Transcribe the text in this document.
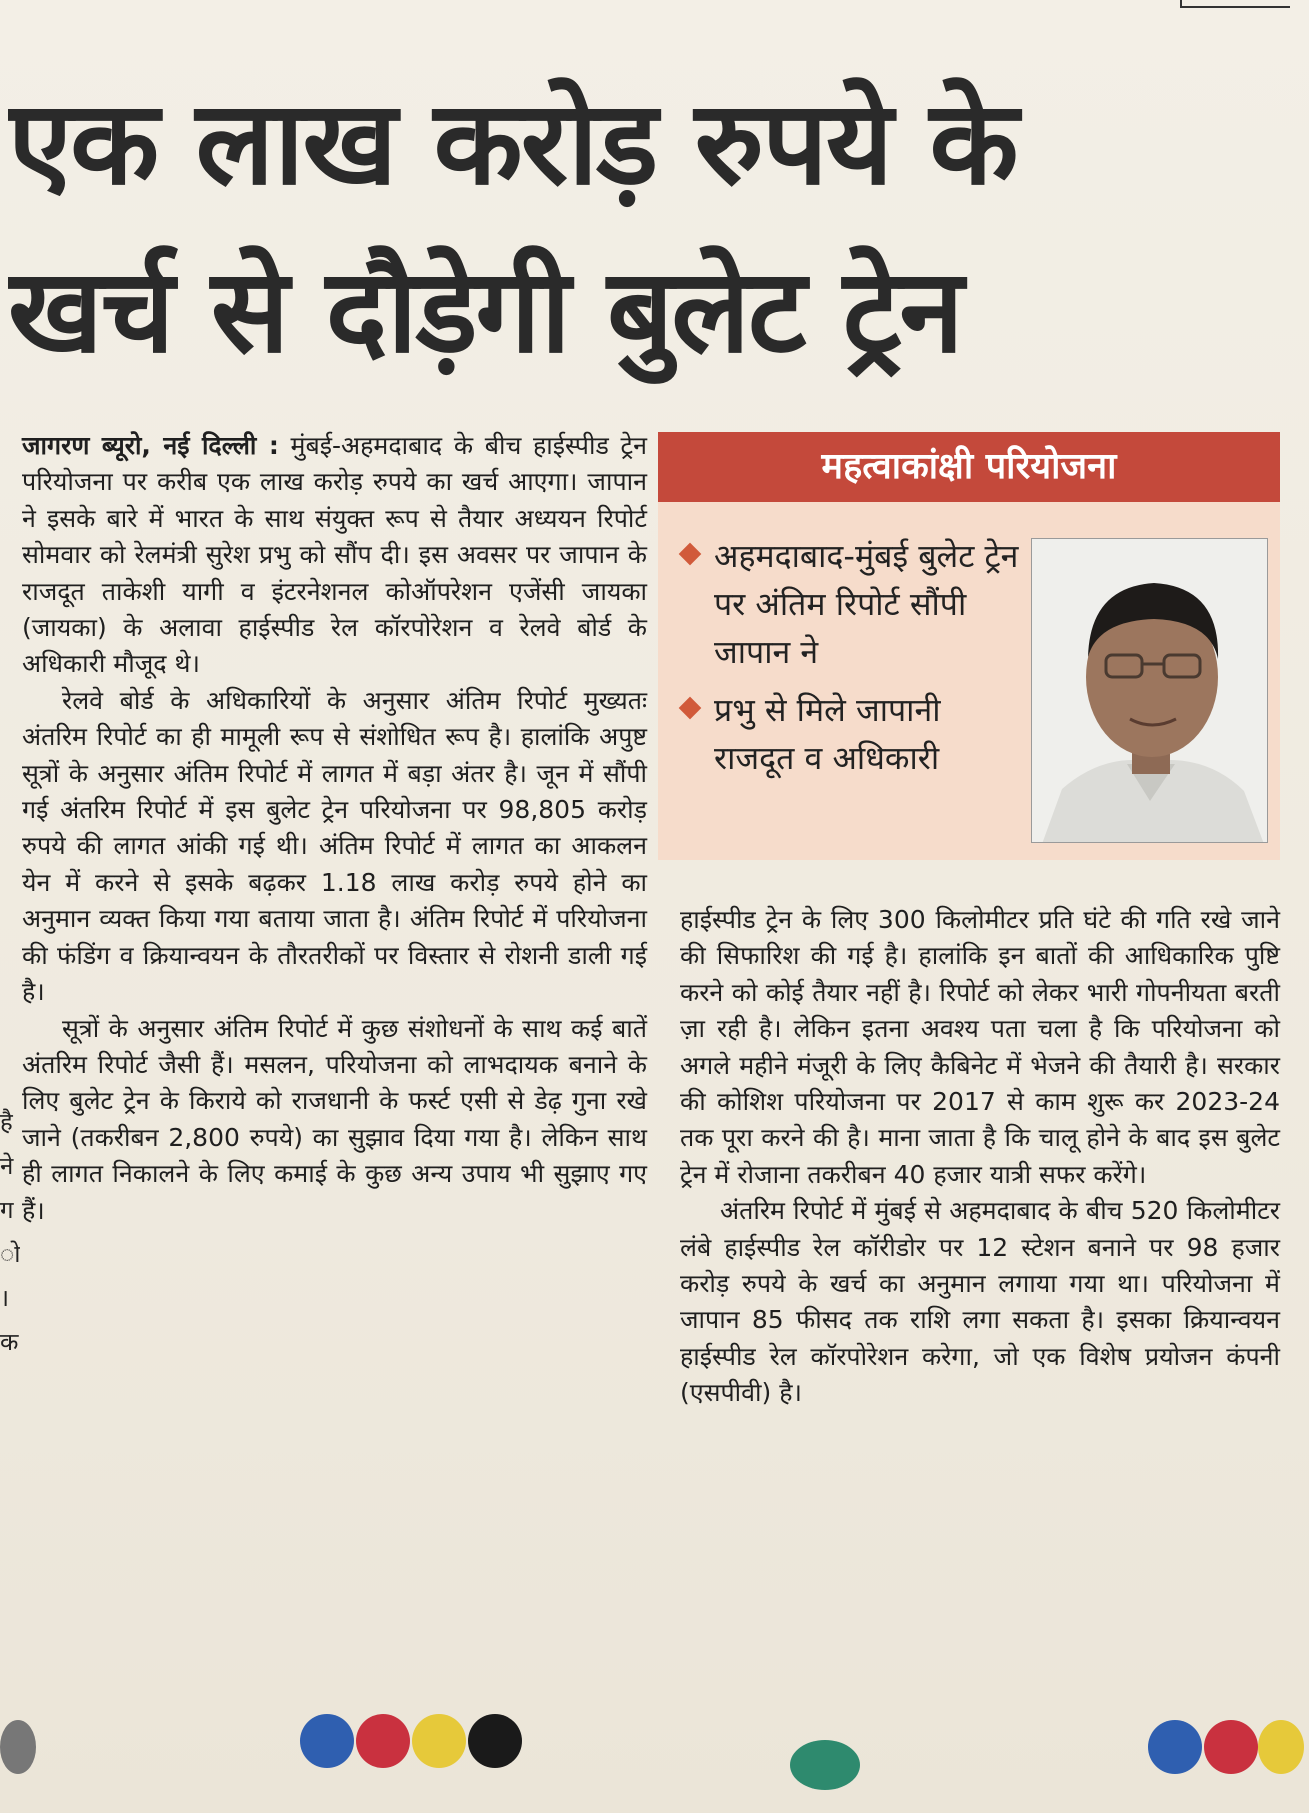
एक लाख करोड़ रुपये के
खर्च से दौड़ेगी बुलेट ट्रेन
है
ने
ग
ो
।
क

जागरण ब्यूरो, नई दिल्ली : मुंबई-अहमदाबाद के बीच हाईस्पीड ट्रेन परियोजना पर करीब एक लाख करोड़ रुपये का खर्च आएगा। जापान ने इसके बारे में भारत के साथ संयुक्त रूप से तैयार अध्ययन रिपोर्ट सोमवार को रेलमंत्री सुरेश प्रभु को सौंप दी। इस अवसर पर जापान के राजदूत ताकेशी यागी व इंटरनेशनल कोऑपरेशन एजेंसी जायका (जायका) के अलावा हाईस्पीड रेल कॉरपोरेशन व रेलवे बोर्ड के अधिकारी मौजूद थे।

रेलवे बोर्ड के अधिकारियों के अनुसार अंतिम रिपोर्ट मुख्यतः अंतरिम रिपोर्ट का ही मामूली रूप से संशोधित रूप है। हालांकि अपुष्ट सूत्रों के अनुसार अंतिम रिपोर्ट में लागत में बड़ा अंतर है। जून में सौंपी गई अंतरिम रिपोर्ट में इस बुलेट ट्रेन परियोजना पर 98,805 करोड़ रुपये की लागत आंकी गई थी। अंतिम रिपोर्ट में लागत का आकलन येन में करने से इसके बढ़कर 1.18 लाख करोड़ रुपये होने का अनुमान व्यक्त किया गया बताया जाता है। अंतिम रिपोर्ट में परियोजना की फंडिंग व क्रियान्वयन के तौरतरीकों पर विस्तार से रोशनी डाली गई है।

सूत्रों के अनुसार अंतिम रिपोर्ट में कुछ संशोधनों के साथ कई बातें अंतरिम रिपोर्ट जैसी हैं। मसलन, परियोजना को लाभदायक बनाने के लिए बुलेट ट्रेन के किराये को राजधानी के फर्स्ट एसी से डेढ़ गुना रखे जाने (तकरीबन 2,800 रुपये) का सुझाव दिया गया है। लेकिन साथ ही लागत निकालने के लिए कमाई के कुछ अन्य उपाय भी सुझाए गए हैं।

महत्वाकांक्षी परियोजना
अहमदाबाद-मुंबई बुलेट ट्रेन पर अंतिम रिपोर्ट सौंपी जापान ने
प्रभु से मिले जापानी राजदूत व अधिकारी

हाईस्पीड ट्रेन के लिए 300 किलोमीटर प्रति घंटे की गति रखे जाने की सिफारिश की गई है। हालांकि इन बातों की आधिकारिक पुष्टि करने को कोई तैयार नहीं है। रिपोर्ट को लेकर भारी गोपनीयता बरती ज़ा रही है। लेकिन इतना अवश्य पता चला है कि परियोजना को अगले महीने मंजूरी के लिए कैबिनेट में भेजने की तैयारी है। सरकार की कोशिश परियोजना पर 2017 से काम शुरू कर 2023-24 तक पूरा करने की है। माना जाता है कि चालू होने के बाद इस बुलेट ट्रेन में रोजाना तकरीबन 40 हजार यात्री सफर करेंगे।

अंतरिम रिपोर्ट में मुंबई से अहमदाबाद के बीच 520 किलोमीटर लंबे हाईस्पीड रेल कॉरीडोर पर 12 स्टेशन बनाने पर 98 हजार करोड़ रुपये के खर्च का अनुमान लगाया गया था। परियोजना में जापान 85 फीसद तक राशि लगा सकता है। इसका क्रियान्वयन हाईस्पीड रेल कॉरपोरेशन करेगा, जो एक विशेष प्रयोजन कंपनी (एसपीवी) है।
